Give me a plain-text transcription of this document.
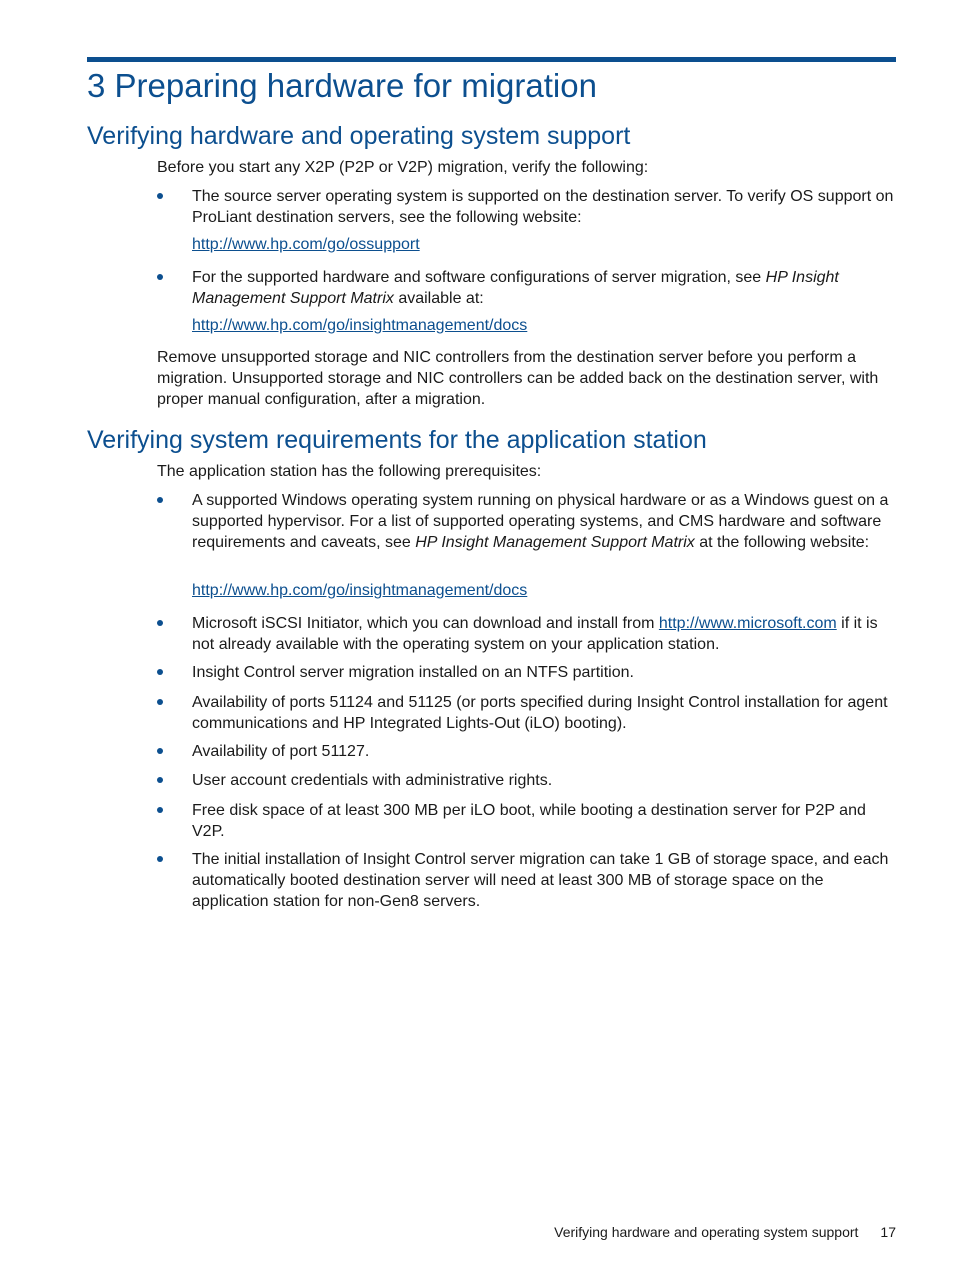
3 Preparing hardware for migration
Verifying hardware and operating system support

Before you start any X2P (P2P or V2P) migration, verify the following:

The source server operating system is supported on the destination server. To verify OS support on ProLiant destination servers, see the following website:

http://www.hp.com/go/ossupport

For the supported hardware and software configurations of server migration, see HP Insight Management Support Matrix available at:

http://www.hp.com/go/insightmanagement/docs

Remove unsupported storage and NIC controllers from the destination server before you perform a migration. Unsupported storage and NIC controllers can be added back on the destination server, with proper manual configuration, after a migration.

Verifying system requirements for the application station

The application station has the following prerequisites:

A supported Windows operating system running on physical hardware or as a Windows guest on a supported hypervisor. For a list of supported operating systems, and CMS hardware and software requirements and caveats, see HP Insight Management Support Matrix at the following website:

http://www.hp.com/go/insightmanagement/docs

Microsoft iSCSI Initiator, which you can download and install from http://www.microsoft.com if it is not already available with the operating system on your application station.

Insight Control server migration installed on an NTFS partition.

Availability of ports 51124 and 51125 (or ports specified during Insight Control installation for agent communications and HP Integrated Lights-Out (iLO) booting).

Availability of port 51127.

User account credentials with administrative rights.

Free disk space of at least 300 MB per iLO boot, while booting a destination server for P2P and V2P.

The initial installation of Insight Control server migration can take 1 GB of storage space, and each automatically booted destination server will need at least 300 MB of storage space on the application station for non-Gen8 servers.

Verifying hardware and operating system support 17
